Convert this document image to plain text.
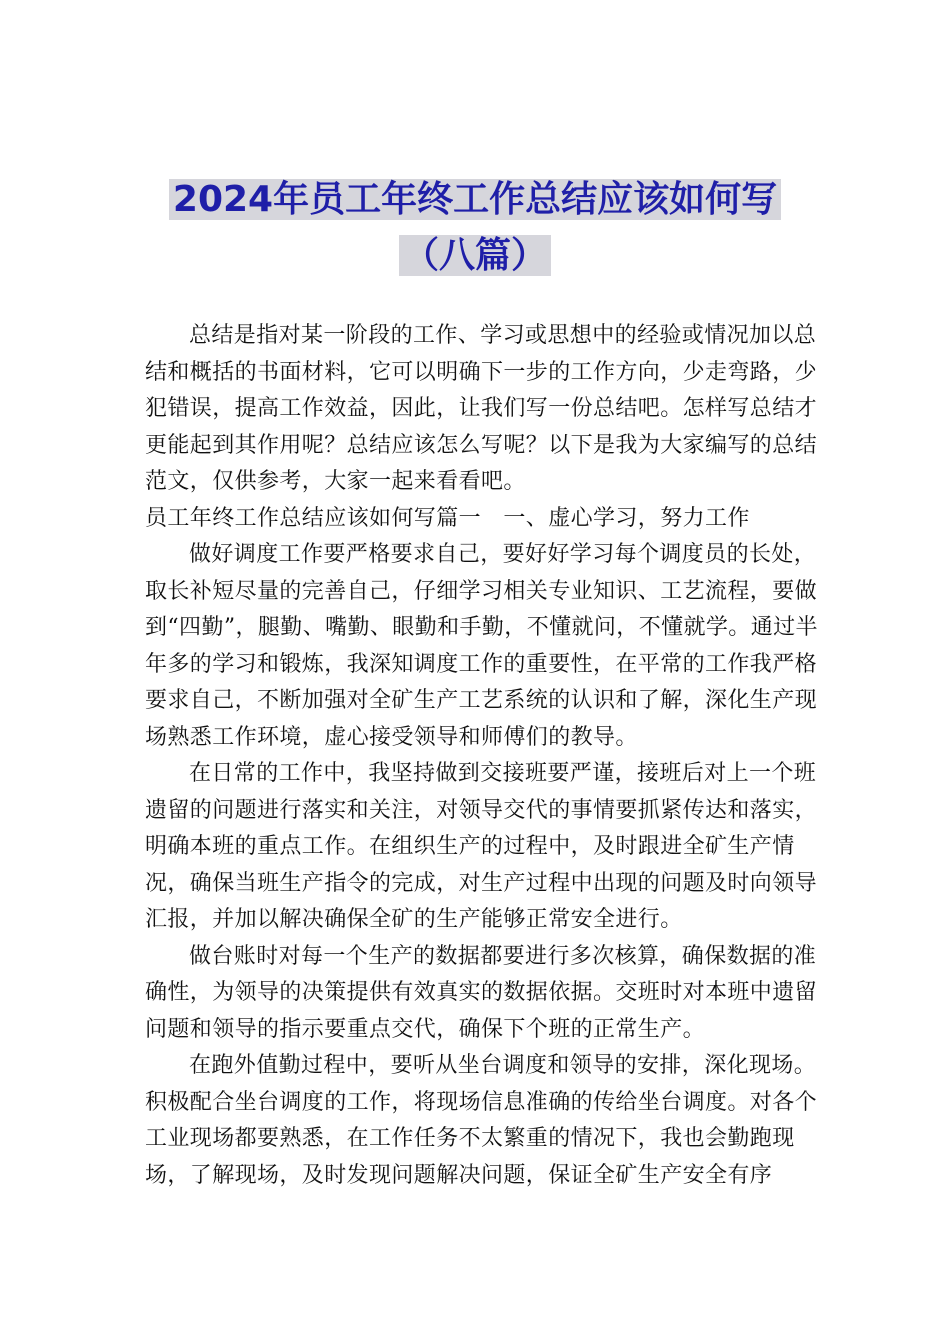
2024年员工年终工作总结应该如何写
（八篇）

总结是指对某一阶段的工作、学习或思想中的经验或情况加以总结和概括的书面材料，它可以明确下一步的工作方向，少走弯路，少犯错误，提高工作效益，因此，让我们写一份总结吧。怎样写总结才更能起到其作用呢？总结应该怎么写呢？以下是我为大家编写的总结范文，仅供参考，大家一起来看看吧。

员工年终工作总结应该如何写篇一　一、虚心学习，努力工作

做好调度工作要严格要求自己，要好好学习每个调度员的长处，取长补短尽量的完善自己，仔细学习相关专业知识、工艺流程，要做到“四勤”，腿勤、嘴勤、眼勤和手勤，不懂就问，不懂就学。通过半年多的学习和锻炼，我深知调度工作的重要性，在平常的工作我严格要求自己，不断加强对全矿生产工艺系统的认识和了解，深化生产现场熟悉工作环境，虚心接受领导和师傅们的教导。

在日常的工作中，我坚持做到交接班要严谨，接班后对上一个班遗留的问题进行落实和关注，对领导交代的事情要抓紧传达和落实，明确本班的重点工作。在组织生产的过程中，及时跟进全矿生产情况，确保当班生产指令的完成，对生产过程中出现的问题及时向领导汇报，并加以解决确保全矿的生产能够正常安全进行。

做台账时对每一个生产的数据都要进行多次核算，确保数据的准确性，为领导的决策提供有效真实的数据依据。交班时对本班中遗留问题和领导的指示要重点交代，确保下个班的正常生产。

在跑外值勤过程中，要听从坐台调度和领导的安排，深化现场。积极配合坐台调度的工作，将现场信息准确的传给坐台调度。对各个工业现场都要熟悉，在工作任务不太繁重的情况下，我也会勤跑现场，了解现场，及时发现问题解决问题，保证全矿生产安全有序
